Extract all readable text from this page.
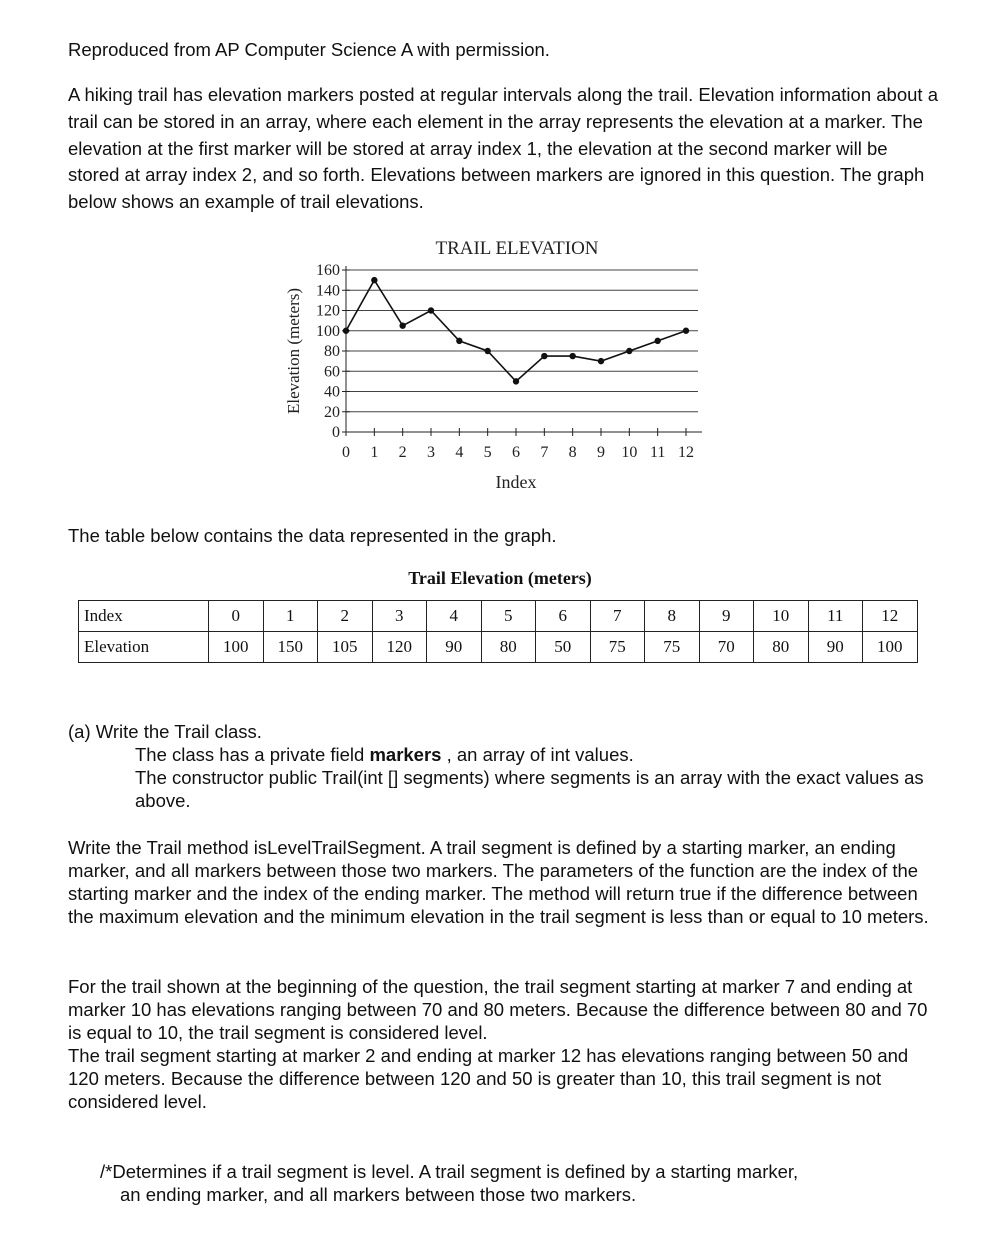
Reproduced from AP Computer Science A with permission.

A hiking trail has elevation markers posted at regular intervals along the trail. Elevation information about a trail can be stored in an array, where each element in the array represents the elevation at a marker. The elevation at the first marker will be stored at array index 1, the elevation at the second marker will be stored at array index 2, and so forth. Elevations between markers are ignored in this question. The graph below shows an example of trail elevations.

TRAIL ELEVATION
0
20
40
60
80
100
120
140
160
0 1 2 3 4 5 6 7 8 9 10 11 12
Index
Elevation (meters)
The table below contains the data represented in the graph.
Trail Elevation (meters)
Index	0	1	2	3	4	5	6	7	8	9	10	11	12
Elevation	100	150	105	120	90	80	50	75	75	70	80	90	100
(a) Write the Trail class.
The class has a private field markers , an array of int values.
The constructor public Trail(int [] segments) where segments is an array with the exact values as above.

Write the Trail method isLevelTrailSegment. A trail segment is defined by a starting marker, an ending marker, and all markers between those two markers. The parameters of the function are the index of the starting marker and the index of the ending marker. The method will return true if the difference between the maximum elevation and the minimum elevation in the trail segment is less than or equal to 10 meters.

For the trail shown at the beginning of the question, the trail segment starting at marker 7 and ending at marker 10 has elevations ranging between 70 and 80 meters. Because the difference between 80 and 70 is equal to 10, the trail segment is considered level.

The trail segment starting at marker 2 and ending at marker 12 has elevations ranging between 50 and 120 meters. Because the difference between 120 and 50 is greater than 10, this trail segment is not considered level.

/*Determines if a trail segment is level. A trail segment is defined by a starting marker,
an ending marker, and all markers between those two markers.
